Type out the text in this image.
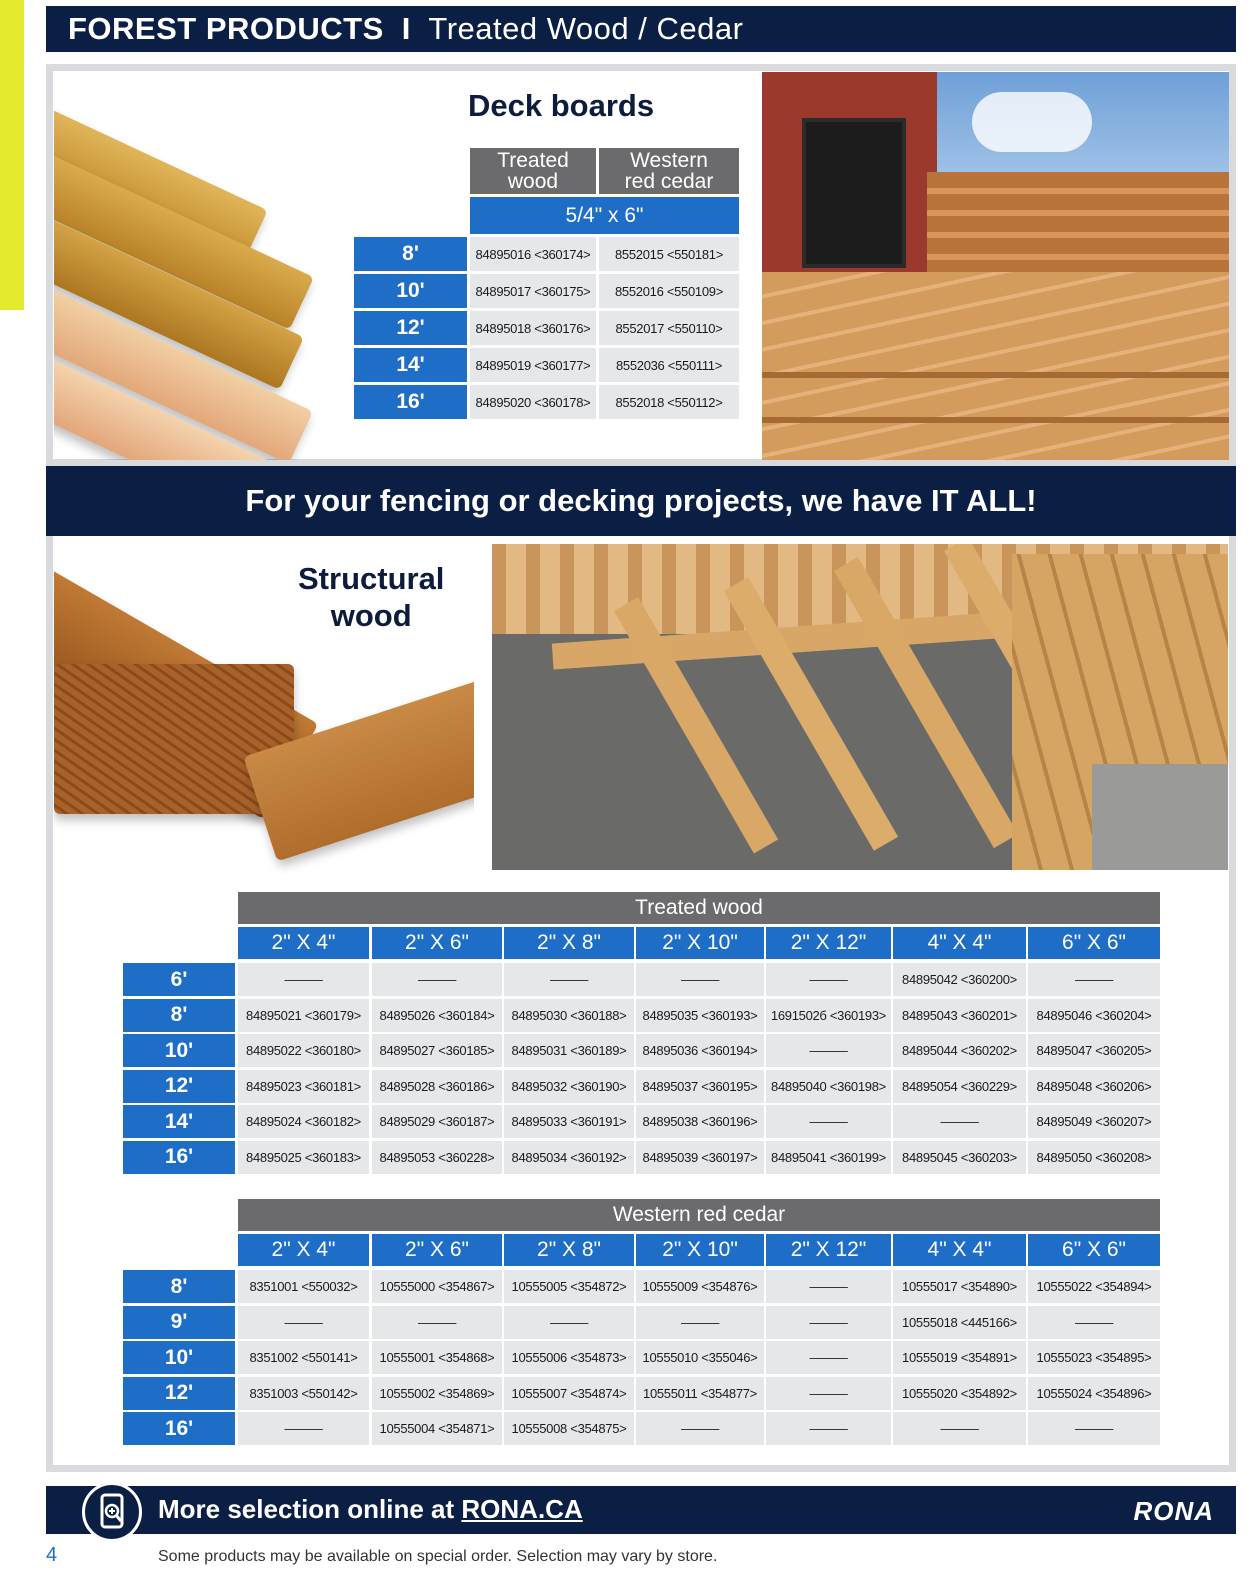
FOREST PRODUCTS I Treated Wood / Cedar
Deck boards
Treated
wood
Western
red cedar
5/4" x 6"
8'	84895016 <360174>	8552015 <550181>
10'	84895017 <360175>	8552016 <550109>
12'	84895018 <360176>	8552017 <550110>
14'	84895019 <360177>	8552036 <550111>
16'	84895020 <360178>	8552018 <550112>
For your fencing or decking projects, we have IT ALL!
Structural
wood
Treated wood
2" X 4"	2" X 6"	2" X 8"	2" X 10"	2" X 12"	4" X 4"	6" X 6"
6'	———	———	———	———	———	84895042 <360200>	———
8'	84895021 <360179>	84895026 <360184>	84895030 <360188>	84895035 <360193>	1691502б <360193>	84895043 <360201>	84895046 <360204>
10'	84895022 <360180>	84895027 <360185>	84895031 <360189>	84895036 <360194>	———	84895044 <360202>	84895047 <360205>
12'	84895023 <360181>	84895028 <360186>	84895032 <360190>	84895037 <360195>	84895040 <360198>	84895054 <360229>	84895048 <360206>
14'	84895024 <360182>	84895029 <360187>	84895033 <360191>	84895038 <360196>	———	———	84895049 <360207>
16'	84895025 <360183>	84895053 <360228>	84895034 <360192>	84895039 <360197>	84895041 <360199>	84895045 <360203>	84895050 <360208>
Western red cedar
2" X 4"	2" X 6"	2" X 8"	2" X 10"	2" X 12"	4" X 4"	6" X 6"
8'	8351001 <550032>	10555000 <354867>	10555005 <354872>	10555009 <354876>	———	10555017 <354890>	10555022 <354894>
9'	———	———	———	———	———	10555018 <445166>	———
10'	8351002 <550141>	10555001 <354868>	10555006 <354873>	10555010 <355046>	———	10555019 <354891>	10555023 <354895>
12'	8351003 <550142>	10555002 <354869>	10555007 <354874>	10555011 <354877>	———	10555020 <354892>	10555024 <354896>
16'	———	10555004 <354871>	10555008 <354875>	———	———	———	———
More selection online at RONA.CA	RONA
4	Some products may be available on special order. Selection may vary by store.
